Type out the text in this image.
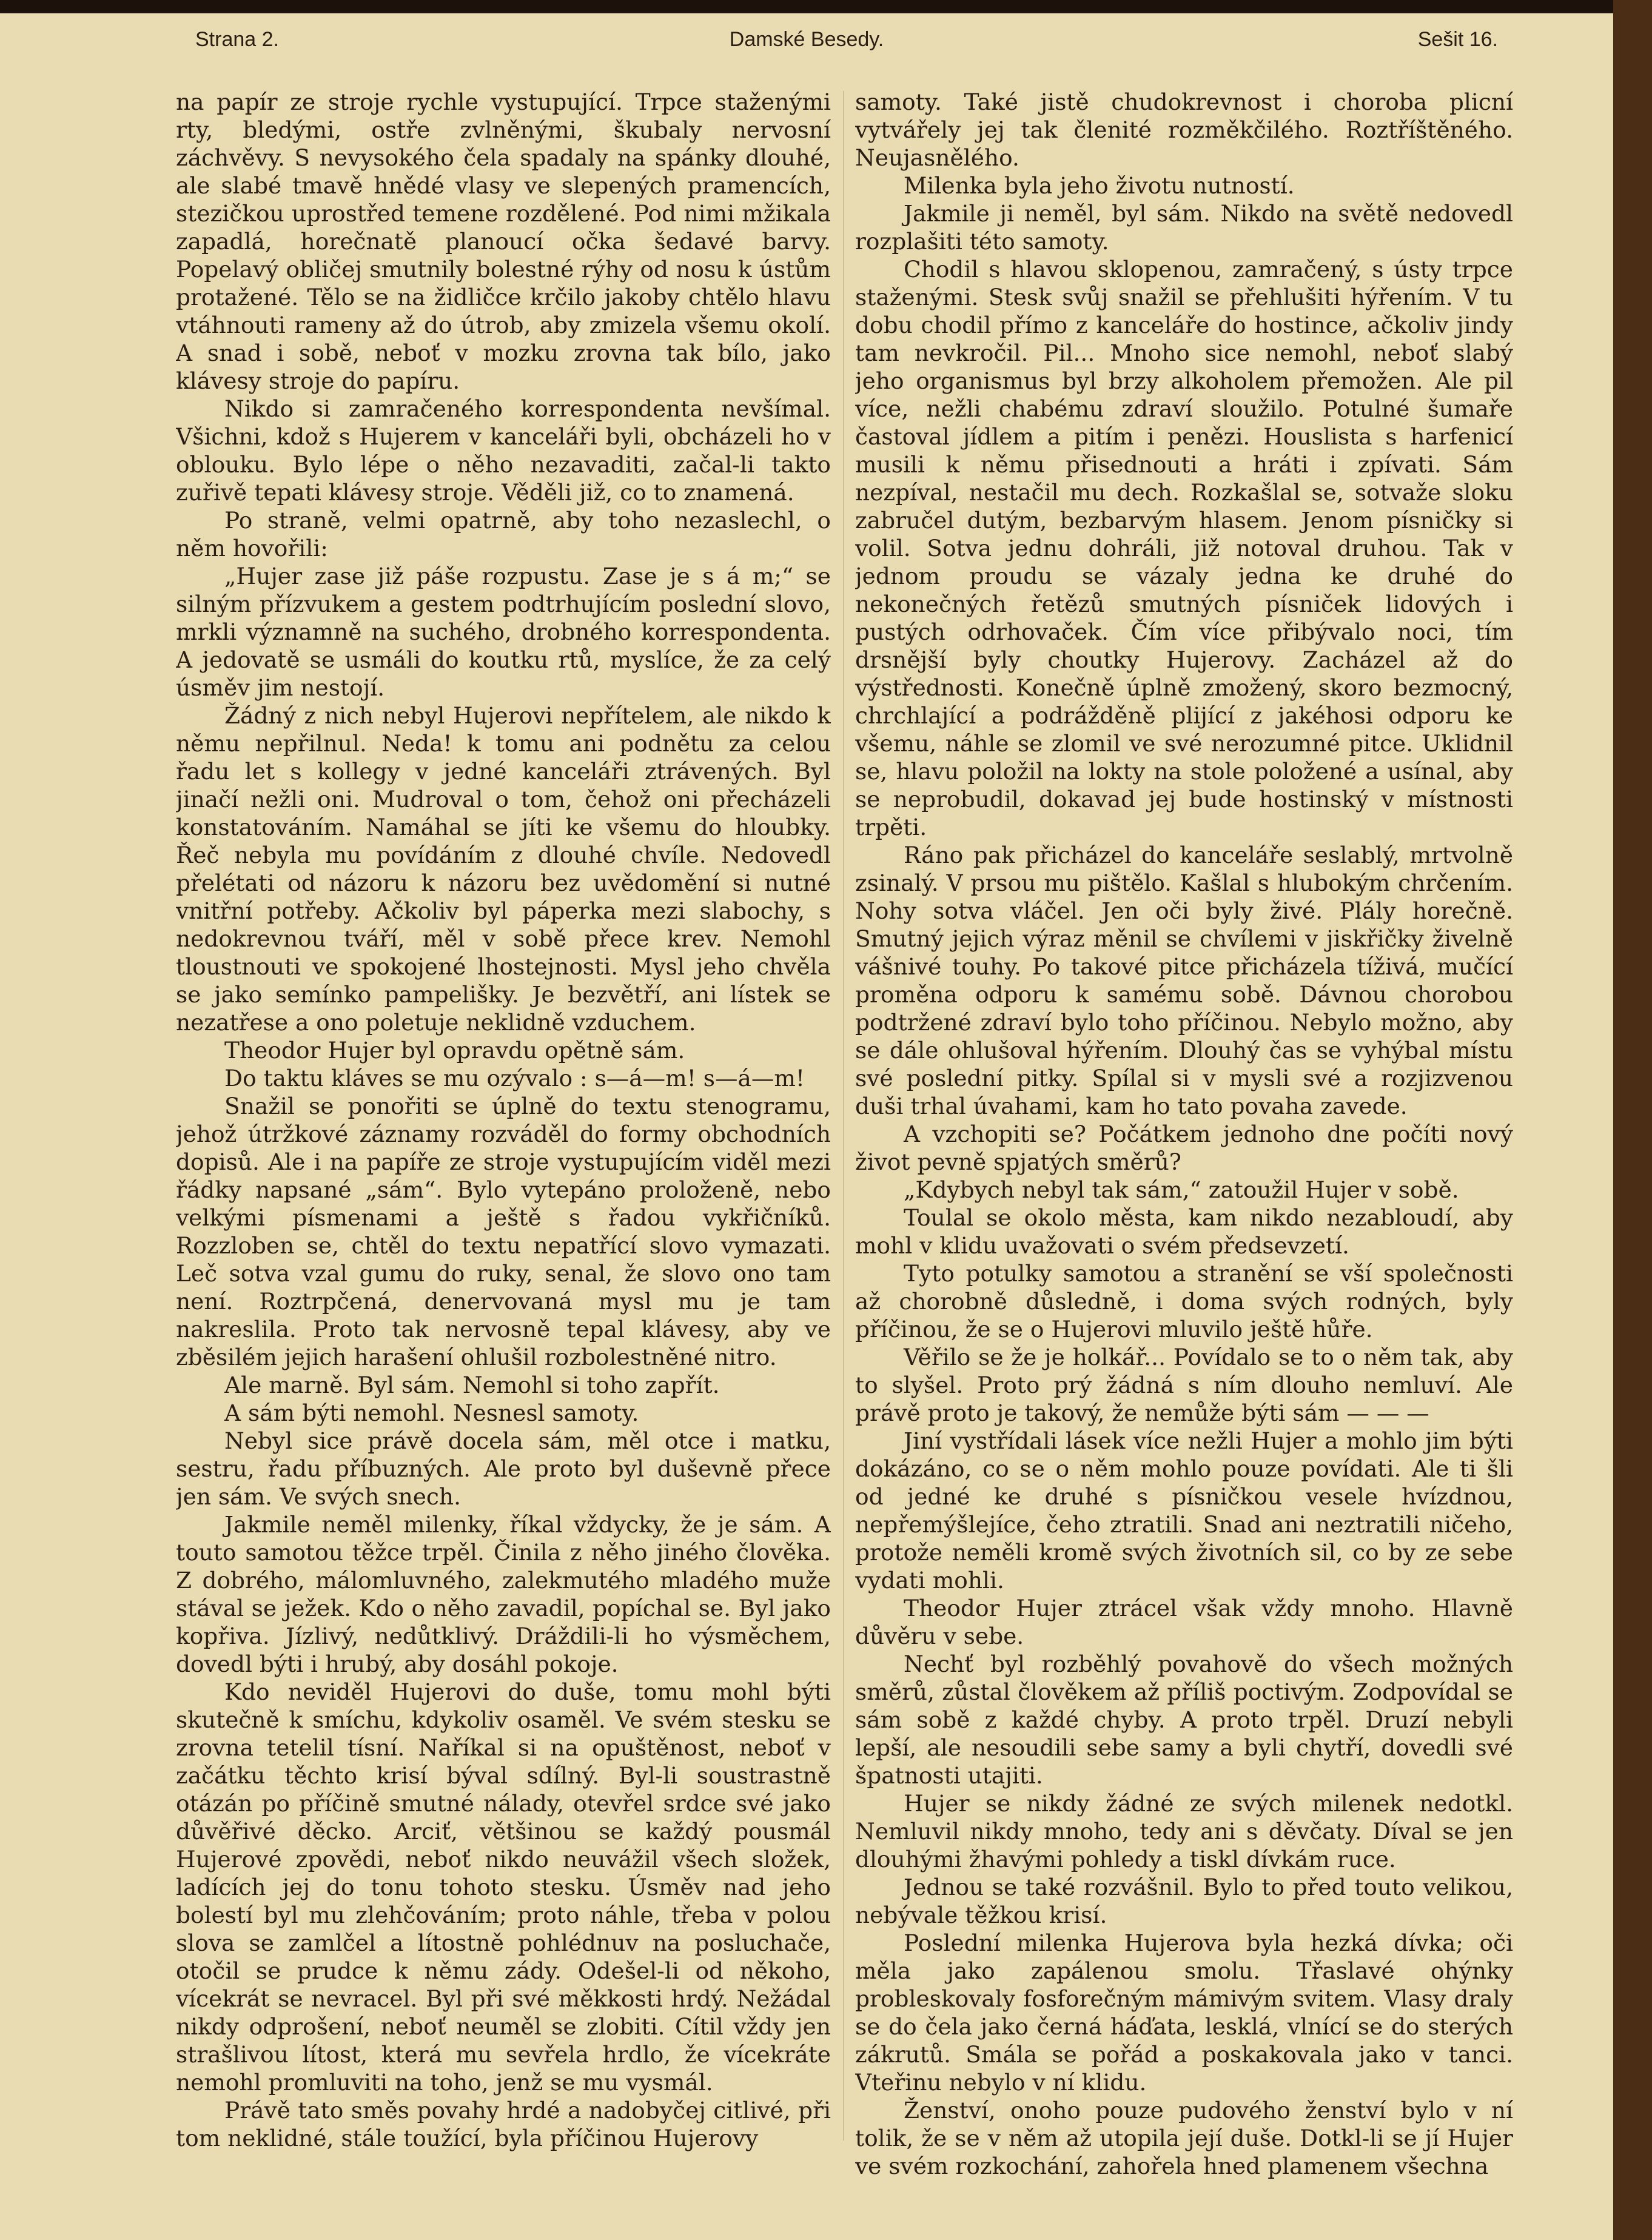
Strana 2.	Damské Besedy.	Sešit 16.

na papír ze stroje rychle vystupující. Trpce staženými rty, bledými, ostře zvlněnými, škubaly nervosní záchvěvy. S nevysokého čela spadaly na spánky dlouhé, ale slabé tmavě hnědé vlasy ve slepených pramencích, stezičkou uprostřed temene rozdělené. Pod nimi mžikala zapadlá, horečnatě planoucí očka šedavé barvy. Popelavý obličej smutnily bolestné rýhy od nosu k ústům protažené. Tělo se na židličce krčilo jakoby chtělo hlavu vtáhnouti rameny až do útrob, aby zmizela všemu okolí. A snad i sobě, neboť v mozku zrovna tak bílo, jako klávesy stroje do papíru.

Nikdo si zamračeného korrespondenta nevšímal. Všichni, kdož s Hujerem v kanceláři byli, obcházeli ho v oblouku. Bylo lépe o něho nezavaditi, začal-li takto zuřivě tepati klávesy stroje. Věděli již, co to znamená.

Po straně, velmi opatrně, aby toho nezaslechl, o něm hovořili:

„Hujer zase již páše rozpustu. Zase je s á m;“ se silným přízvukem a gestem podtrhujícím poslední slovo, mrkli významně na suchého, drobného korrespondenta. A jedovatě se usmáli do koutku rtů, myslíce, že za celý úsměv jim nestojí.

Žádný z nich nebyl Hujerovi nepřítelem, ale nikdo k němu nepřilnul. Neda! k tomu ani podnětu za celou řadu let s kollegy v jedné kanceláři ztrávených. Byl jinačí nežli oni. Mudroval o tom, čehož oni přecházeli konstatováním. Namáhal se jíti ke všemu do hloubky. Řeč nebyla mu povídáním z dlouhé chvíle. Nedovedl přelétati od názoru k názoru bez uvědomění si nutné vnitřní potřeby. Ačkoliv byl páperka mezi slabochy, s nedokrevnou tváří, měl v sobě přece krev. Nemohl tloustnouti ve spokojené lhostejnosti. Mysl jeho chvěla se jako semínko pampelišky. Je bezvětří, ani lístek se nezatřese a ono poletuje neklidně vzduchem.

Theodor Hujer byl opravdu opětně sám.

Do taktu kláves se mu ozývalo : s—á—m! s—á—m!

Snažil se ponořiti se úplně do textu stenogramu, jehož útržkové záznamy rozváděl do formy obchodních dopisů. Ale i na papíře ze stroje vystupujícím viděl mezi řádky napsané „sám“. Bylo vytepáno proloženě, nebo velkými písmenami a ještě s řadou vykřičníků. Rozzloben se, chtěl do textu nepatřící slovo vymazati. Leč sotva vzal gumu do ruky, senal, že slovo ono tam není. Roztrpčená, denervovaná mysl mu je tam nakreslila. Proto tak nervosně tepal klávesy, aby ve zběsilém jejich harašení ohlušil rozbolestněné nitro.

Ale marně. Byl sám. Nemohl si toho zapřít.

A sám býti nemohl. Nesnesl samoty.

Nebyl sice právě docela sám, měl otce i matku, sestru, řadu příbuzných. Ale proto byl duševně přece jen sám. Ve svých snech.

Jakmile neměl milenky, říkal vždycky, že je sám. A touto samotou těžce trpěl. Činila z něho jiného člověka. Z dobrého, málomluvného, zalekmutého mladého muže stával se ježek. Kdo o něho zavadil, popíchal se. Byl jako kopřiva. Jízlivý, nedůtklivý. Dráždili-li ho výsměchem, dovedl býti i hrubý, aby dosáhl pokoje.

Kdo neviděl Hujerovi do duše, tomu mohl býti skutečně k smíchu, kdykoliv osaměl. Ve svém stesku se zrovna tetelil tísní. Naříkal si na opuštěnost, neboť v začátku těchto krisí býval sdílný. Byl-li soustrastně otázán po příčině smutné nálady, otevřel srdce své jako důvěřivé děcko. Arciť, většinou se každý pousmál Hujerové zpovědi, neboť nikdo neuvážil všech složek, ladících jej do tonu tohoto stesku. Úsměv nad jeho bolestí byl mu zlehčováním; proto náhle, třeba v polou slova se zamlčel a lítostně pohlédnuv na posluchače, otočil se prudce k němu zády. Odešel-li od někoho, vícekrát se nevracel. Byl při své měkkosti hrdý. Nežádal nikdy odprošení, neboť neuměl se zlobiti. Cítil vždy jen strašlivou lítost, která mu sevřela hrdlo, že vícekráte nemohl promluviti na toho, jenž se mu vysmál.

Právě tato směs povahy hrdé a nadobyčej citlivé, při tom neklidné, stále toužící, byla příčinou Hujerovy

samoty. Také jistě chudokrevnost i choroba plicní vytvářely jej tak členité rozměkčilého. Roztříštěného. Neujasnělého.

Milenka byla jeho životu nutností.

Jakmile ji neměl, byl sám. Nikdo na světě nedovedl rozplašiti této samoty.

Chodil s hlavou sklopenou, zamračený, s ústy trpce staženými. Stesk svůj snažil se přehlušiti hýřením. V tu dobu chodil přímo z kanceláře do hostince, ačkoliv jindy tam nevkročil. Pil... Mnoho sice nemohl, neboť slabý jeho organismus byl brzy alkoholem přemožen. Ale pil více, nežli chabému zdraví sloužilo. Potulné šumaře častoval jídlem a pitím i penězi. Houslista s harfenicí musili k němu přisednouti a hráti i zpívati. Sám nezpíval, nestačil mu dech. Rozkašlal se, sotvaže sloku zabručel dutým, bezbarvým hlasem. Jenom písničky si volil. Sotva jednu dohráli, již notoval druhou. Tak v jednom proudu se vázaly jedna ke druhé do nekonečných řetězů smutných písniček lidových i pustých odrhovaček. Čím více přibývalo noci, tím drsnější byly choutky Hujerovy. Zacházel až do výstřednosti. Konečně úplně zmožený, skoro bezmocný, chrchlající a podrážděně plijící z jakéhosi odporu ke všemu, náhle se zlomil ve své nerozumné pitce. Uklidnil se, hlavu položil na lokty na stole položené a usínal, aby se neprobudil, dokavad jej bude hostinský v místnosti trpěti.

Ráno pak přicházel do kanceláře seslablý, mrtvolně zsinalý. V prsou mu pištělo. Kašlal s hlubokým chrčením. Nohy sotva vláčel. Jen oči byly živé. Plály horečně. Smutný jejich výraz měnil se chvílemi v jiskřičky živelně vášnivé touhy. Po takové pitce přicházela tíživá, mučící proměna odporu k samému sobě. Dávnou chorobou podtržené zdraví bylo toho příčinou. Nebylo možno, aby se dále ohlušoval hýřením. Dlouhý čas se vyhýbal místu své poslední pitky. Spílal si v mysli své a rozjizvenou duši trhal úvahami, kam ho tato povaha zavede.

A vzchopiti se? Počátkem jednoho dne počíti nový život pevně spjatých směrů?

„Kdybych nebyl tak sám,“ zatoužil Hujer v sobě.

Toulal se okolo města, kam nikdo nezabloudí, aby mohl v klidu uvažovati o svém předsevzetí.

Tyto potulky samotou a stranění se vší společnosti až chorobně důsledně, i doma svých rodných, byly příčinou, že se o Hujerovi mluvilo ještě hůře.

Věřilo se že je holkář... Povídalo se to o něm tak, aby to slyšel. Proto prý žádná s ním dlouho nemluví. Ale právě proto je takový, že nemůže býti sám — — —

Jiní vystřídali lásek více nežli Hujer a mohlo jim býti dokázáno, co se o něm mohlo pouze povídati. Ale ti šli od jedné ke druhé s písničkou vesele hvízdnou, nepřemýšlejíce, čeho ztratili. Snad ani neztratili ničeho, protože neměli kromě svých životních sil, co by ze sebe vydati mohli.

Theodor Hujer ztrácel však vždy mnoho. Hlavně důvěru v sebe.

Nechť byl rozběhlý povahově do všech možných směrů, zůstal člověkem až příliš poctivým. Zodpovídal se sám sobě z každé chyby. A proto trpěl. Druzí nebyli lepší, ale nesoudili sebe samy a byli chytří, dovedli své špatnosti utajiti.

Hujer se nikdy žádné ze svých milenek nedotkl. Nemluvil nikdy mnoho, tedy ani s děvčaty. Díval se jen dlouhými žhavými pohledy a tiskl dívkám ruce.

Jednou se také rozvášnil. Bylo to před touto velikou, nebývale těžkou krisí.

Poslední milenka Hujerova byla hezká dívka; oči měla jako zapálenou smolu. Třaslavé ohýnky probleskovaly fosforečným mámivým svitem. Vlasy draly se do čela jako černá háďata, lesklá, vlnící se do sterých zákrutů. Smála se pořád a poskakovala jako v tanci. Vteřinu nebylo v ní klidu.

Ženství, onoho pouze pudového ženství bylo v ní tolik, že se v něm až utopila její duše. Dotkl-li se jí Hujer ve svém rozkochání, zahořela hned plamenem všechna
